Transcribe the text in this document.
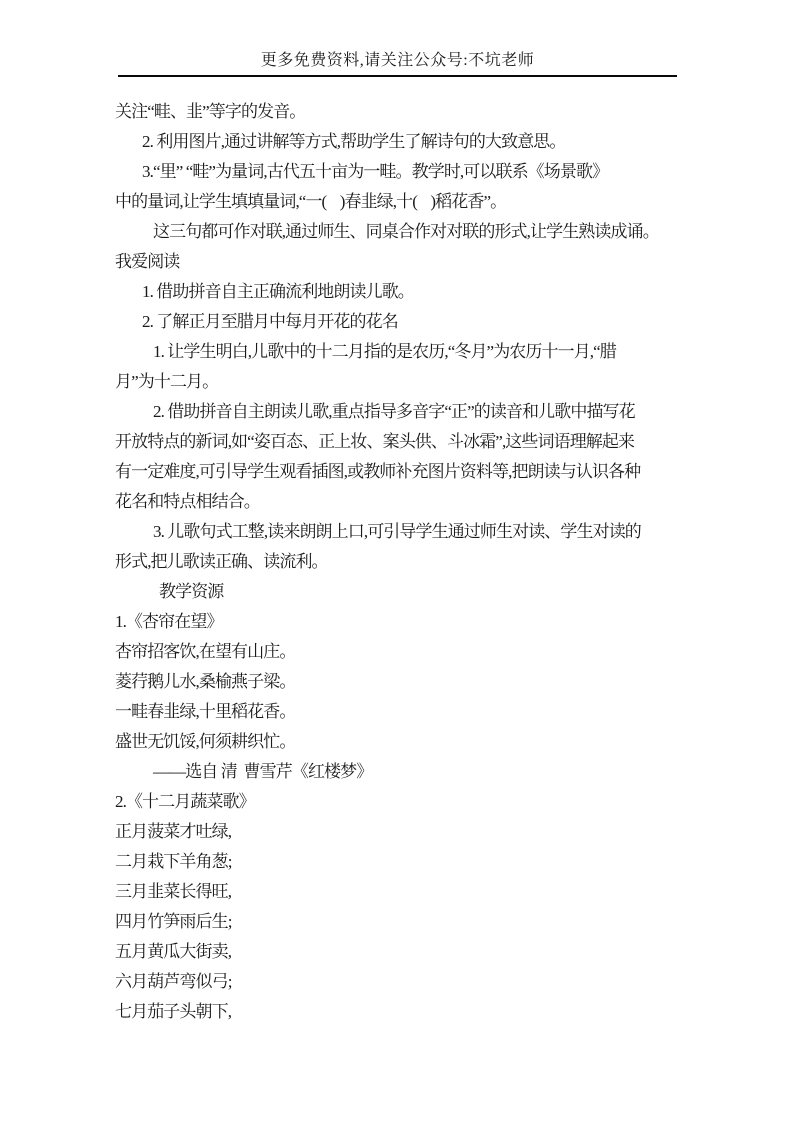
更多免费资料,请关注公众号:不坑老师

关注“畦、韭”等字的发音。

2. 利用图片,通过讲解等方式,帮助学生了解诗句的大致意思。

3.“里” “畦”为量词,古代五十亩为一畦。教学时,可以联系《场景歌》

中的量词,让学生填填量词,“一(    )春韭绿,十(    )稻花香”。

这三句都可作对联,通过师生、同桌合作对对联的形式,让学生熟读成诵。

我爱阅读

1. 借助拼音自主正确流利地朗读儿歌。

2. 了解正月至腊月中每月开花的花名

1. 让学生明白,儿歌中的十二月指的是农历,“冬月”为农历十一月,“腊

月”为十二月。

2. 借助拼音自主朗读儿歌,重点指导多音字“正”的读音和儿歌中描写花

开放特点的新词,如“姿百态、正上妆、案头供、斗冰霜”,这些词语理解起来

有一定难度,可引导学生观看插图,或教师补充图片资料等,把朗读与认识各种

花名和特点相结合。

3. 儿歌句式工整,读来朗朗上口,可引导学生通过师生对读、学生对读的

形式,把儿歌读正确、读流利。

教学资源

1.《杏帘在望》

杏帘招客饮,在望有山庄。

菱荇鹅儿水,桑榆燕子梁。

一畦春韭绿,十里稻花香。

盛世无饥馁,何须耕织忙。

——选自 清  曹雪芹《红楼梦》

2.《十二月蔬菜歌》

正月菠菜才吐绿,

二月栽下羊角葱;

三月韭菜长得旺,

四月竹笋雨后生;

五月黄瓜大街卖,

六月葫芦弯似弓;

七月茄子头朝下,
